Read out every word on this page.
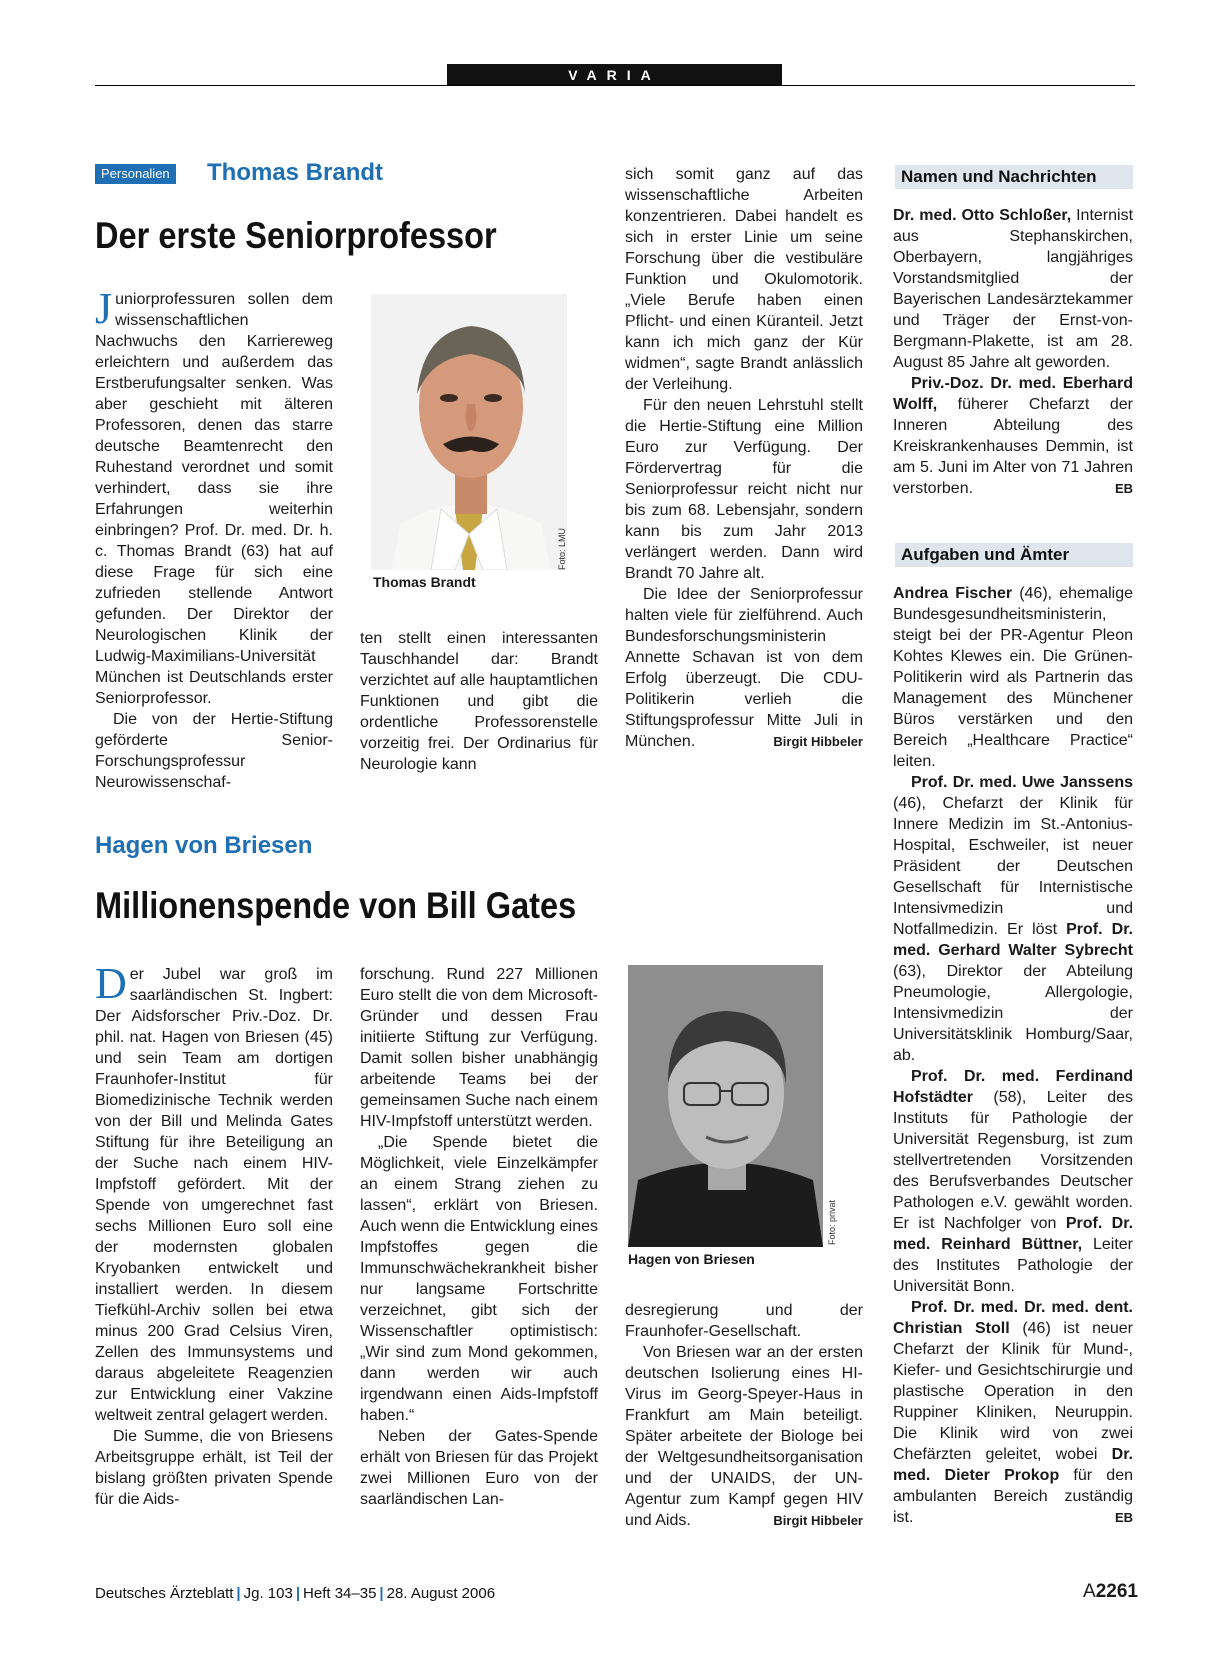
VARIA
Personalien Thomas Brandt
Der erste Seniorprofessor

Juniorprofessuren sollen dem wissenschaftlichen Nachwuchs den Karriereweg erleichtern und außerdem das Erstberufungsalter senken. Was aber geschieht mit älteren Professoren, denen das starre deutsche Beamtenrecht den Ruhestand verordnet und somit verhindert, dass sie ihre Erfahrungen weiterhin einbringen? Prof. Dr. med. Dr. h. c. Thomas Brandt (63) hat auf diese Frage für sich eine zufrieden stellende Antwort gefunden. Der Direktor der Neurologischen Klinik der Ludwig-Maximilians-Universität München ist Deutschlands erster Seniorprofessor.

Die von der Hertie-Stiftung geförderte Senior-Forschungsprofessur Neurowissenschaf-

Foto: LMU
Thomas Brandt

ten stellt einen interessanten Tauschhandel dar: Brandt verzichtet auf alle hauptamtlichen Funktionen und gibt die ordentliche Professorenstelle vorzeitig frei. Der Ordinarius für Neurologie kann

sich somit ganz auf das wissenschaftliche Arbeiten konzentrieren. Dabei handelt es sich in erster Linie um seine Forschung über die vestibuläre Funktion und Okulomotorik. „Viele Berufe haben einen Pflicht- und einen Küranteil. Jetzt kann ich mich ganz der Kür widmen“, sagte Brandt anlässlich der Verleihung.

Für den neuen Lehrstuhl stellt die Hertie-Stiftung eine Million Euro zur Verfügung. Der Fördervertrag für die Seniorprofessur reicht nicht nur bis zum 68. Lebensjahr, sondern kann bis zum Jahr 2013 verlängert werden. Dann wird Brandt 70 Jahre alt.

Die Idee der Seniorprofessur halten viele für zielführend. Auch Bundesforschungsministerin Annette Schavan ist von dem Erfolg überzeugt. Die CDU-Politikerin verlieh die Stiftungsprofessur Mitte Juli in München.	Birgit Hibbeler

Hagen von Briesen
Millionenspende von Bill Gates

Der Jubel war groß im saarländischen St. Ingbert: Der Aidsforscher Priv.-Doz. Dr. phil. nat. Hagen von Briesen (45) und sein Team am dortigen Fraunhofer-Institut für Biomedizinische Technik werden von der Bill und Melinda Gates Stiftung für ihre Beteiligung an der Suche nach einem HIV-Impfstoff gefördert. Mit der Spende von umgerechnet fast sechs Millionen Euro soll eine der modernsten globalen Kryobanken entwickelt und installiert werden. In diesem Tiefkühl-Archiv sollen bei etwa minus 200 Grad Celsius Viren, Zellen des Immunsystems und daraus abgeleitete Reagenzien zur Entwicklung einer Vakzine weltweit zentral gelagert werden.

Die Summe, die von Briesens Arbeitsgruppe erhält, ist Teil der bislang größten privaten Spende für die Aids-

forschung. Rund 227 Millionen Euro stellt die von dem Microsoft-Gründer und dessen Frau initiierte Stiftung zur Verfügung. Damit sollen bisher unabhängig arbeitende Teams bei der gemeinsamen Suche nach einem HIV-Impfstoff unterstützt werden.

„Die Spende bietet die Möglichkeit, viele Einzelkämpfer an einem Strang ziehen zu lassen“, erklärt von Briesen. Auch wenn die Entwicklung eines Impfstoffes gegen die Immunschwächekrankheit bisher nur langsame Fortschritte verzeichnet, gibt sich der Wissenschaftler optimistisch: „Wir sind zum Mond gekommen, dann werden wir auch irgendwann einen Aids-Impfstoff haben.“

Neben der Gates-Spende erhält von Briesen für das Projekt zwei Millionen Euro von der saarländischen Lan-

Foto: privat
Hagen von Briesen

desregierung und der Fraunhofer-Gesellschaft.

Von Briesen war an der ersten deutschen Isolierung eines HI-Virus im Georg-Speyer-Haus in Frankfurt am Main beteiligt. Später arbeitete der Biologe bei der Weltgesundheitsorganisation und der UNAIDS, der UN-Agentur zum Kampf gegen HIV und Aids.	Birgit Hibbeler

Namen und Nachrichten

Dr. med. Otto Schloßer, Internist aus Stephanskirchen, Oberbayern, langjähriges Vorstandsmitglied der Bayerischen Landesärztekammer und Träger der Ernst-von-Bergmann-Plakette, ist am 28. August 85 Jahre alt geworden.

Priv.-Doz. Dr. med. Eberhard Wolff, füherer Chefarzt der Inneren Abteilung des Kreiskrankenhauses Demmin, ist am 5. Juni im Alter von 71 Jahren verstorben.	EB

Aufgaben und Ämter

Andrea Fischer (46), ehemalige Bundesgesundheitsministerin, steigt bei der PR-Agentur Pleon Kohtes Klewes ein. Die Grünen-Politikerin wird als Partnerin das Management des Münchener Büros verstärken und den Bereich „Healthcare Practice“ leiten.

Prof. Dr. med. Uwe Janssens (46), Chefarzt der Klinik für Innere Medizin im St.-Antonius-Hospital, Eschweiler, ist neuer Präsident der Deutschen Gesellschaft für Internistische Intensivmedizin und Notfallmedizin. Er löst Prof. Dr. med. Gerhard Walter Sybrecht (63), Direktor der Abteilung Pneumologie, Allergologie, Intensivmedizin der Universitätsklinik Homburg/Saar, ab.

Prof. Dr. med. Ferdinand Hofstädter (58), Leiter des Instituts für Pathologie der Universität Regensburg, ist zum stellvertretenden Vorsitzenden des Berufsverbandes Deutscher Pathologen e.V. gewählt worden. Er ist Nachfolger von Prof. Dr. med. Reinhard Büttner, Leiter des Institutes Pathologie der Universität Bonn.

Prof. Dr. med. Dr. med. dent. Christian Stoll (46) ist neuer Chefarzt der Klinik für Mund-, Kiefer- und Gesichtschirurgie und plastische Operation in den Ruppiner Kliniken, Neuruppin. Die Klinik wird von zwei Chefärzten geleitet, wobei Dr. med. Dieter Prokop für den ambulanten Bereich zuständig ist.	EB

Deutsches Ärzteblatt | Jg. 103 | Heft 34–35 | 28. August 2006	A2261
